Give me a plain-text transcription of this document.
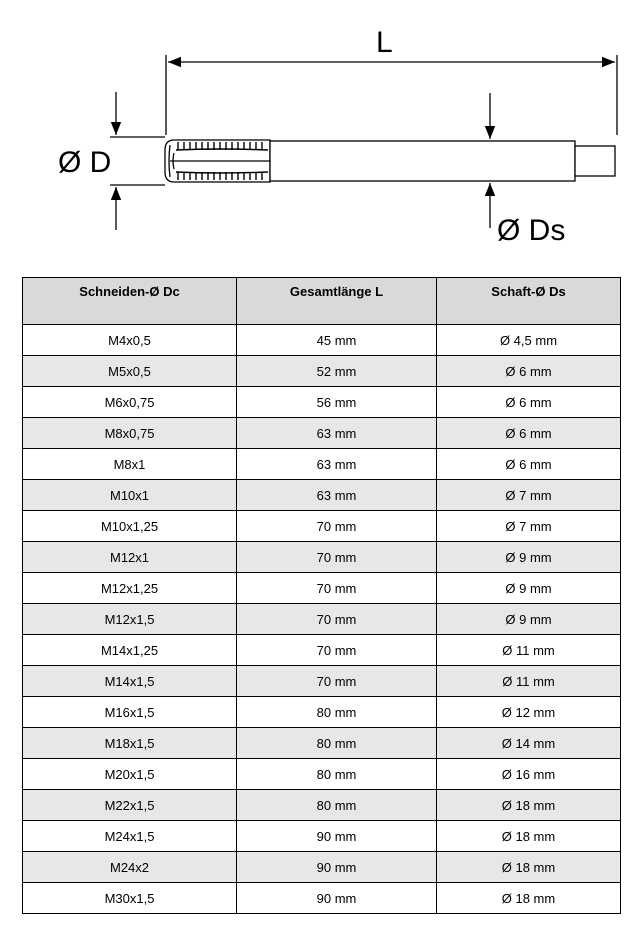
L
Ø D
Ø Ds
Schneiden-Ø Dc	Gesamtlänge L	Schaft-Ø Ds
M4x0,5	45 mm	Ø 4,5 mm
M5x0,5	52 mm	Ø 6 mm
M6x0,75	56 mm	Ø 6 mm
M8x0,75	63 mm	Ø 6 mm
M8x1	63 mm	Ø 6 mm
M10x1	63 mm	Ø 7 mm
M10x1,25	70 mm	Ø 7 mm
M12x1	70 mm	Ø 9 mm
M12x1,25	70 mm	Ø 9 mm
M12x1,5	70 mm	Ø 9 mm
M14x1,25	70 mm	Ø 11 mm
M14x1,5	70 mm	Ø 11 mm
M16x1,5	80 mm	Ø 12 mm
M18x1,5	80 mm	Ø 14 mm
M20x1,5	80 mm	Ø 16 mm
M22x1,5	80 mm	Ø 18 mm
M24x1,5	90 mm	Ø 18 mm
M24x2	90 mm	Ø 18 mm
M30x1,5	90 mm	Ø 18 mm
